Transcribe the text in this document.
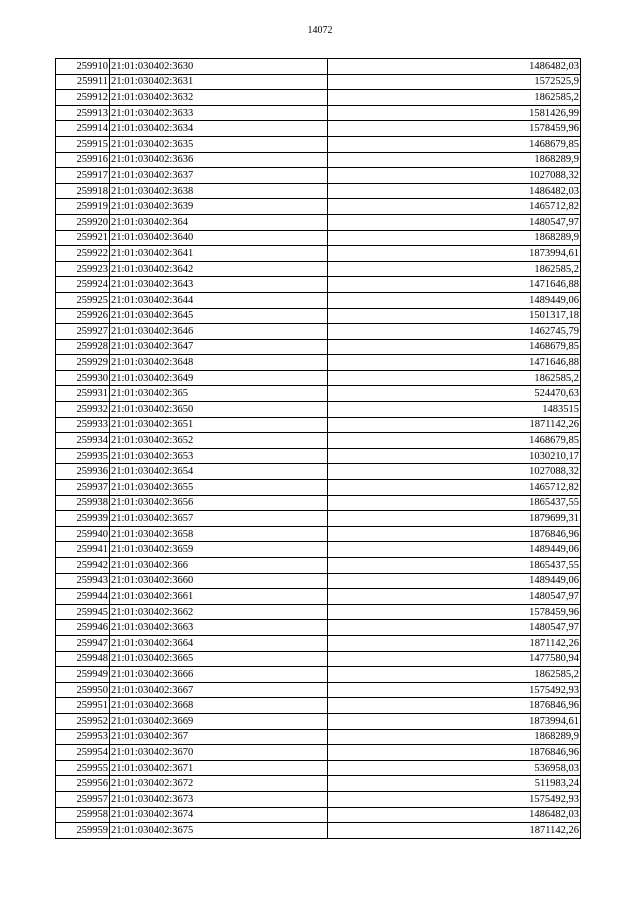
14072
259910	21:01:030402:3630	1486482,03
259911	21:01:030402:3631	1572525,9
259912	21:01:030402:3632	1862585,2
259913	21:01:030402:3633	1581426,99
259914	21:01:030402:3634	1578459,96
259915	21:01:030402:3635	1468679,85
259916	21:01:030402:3636	1868289,9
259917	21:01:030402:3637	1027088,32
259918	21:01:030402:3638	1486482,03
259919	21:01:030402:3639	1465712,82
259920	21:01:030402:364	1480547,97
259921	21:01:030402:3640	1868289,9
259922	21:01:030402:3641	1873994,61
259923	21:01:030402:3642	1862585,2
259924	21:01:030402:3643	1471646,88
259925	21:01:030402:3644	1489449,06
259926	21:01:030402:3645	1501317,18
259927	21:01:030402:3646	1462745,79
259928	21:01:030402:3647	1468679,85
259929	21:01:030402:3648	1471646,88
259930	21:01:030402:3649	1862585,2
259931	21:01:030402:365	524470,63
259932	21:01:030402:3650	1483515
259933	21:01:030402:3651	1871142,26
259934	21:01:030402:3652	1468679,85
259935	21:01:030402:3653	1030210,17
259936	21:01:030402:3654	1027088,32
259937	21:01:030402:3655	1465712,82
259938	21:01:030402:3656	1865437,55
259939	21:01:030402:3657	1879699,31
259940	21:01:030402:3658	1876846,96
259941	21:01:030402:3659	1489449,06
259942	21:01:030402:366	1865437,55
259943	21:01:030402:3660	1489449,06
259944	21:01:030402:3661	1480547,97
259945	21:01:030402:3662	1578459,96
259946	21:01:030402:3663	1480547,97
259947	21:01:030402:3664	1871142,26
259948	21:01:030402:3665	1477580,94
259949	21:01:030402:3666	1862585,2
259950	21:01:030402:3667	1575492,93
259951	21:01:030402:3668	1876846,96
259952	21:01:030402:3669	1873994,61
259953	21:01:030402:367	1868289,9
259954	21:01:030402:3670	1876846,96
259955	21:01:030402:3671	536958,03
259956	21:01:030402:3672	511983,24
259957	21:01:030402:3673	1575492,93
259958	21:01:030402:3674	1486482,03
259959	21:01:030402:3675	1871142,26
